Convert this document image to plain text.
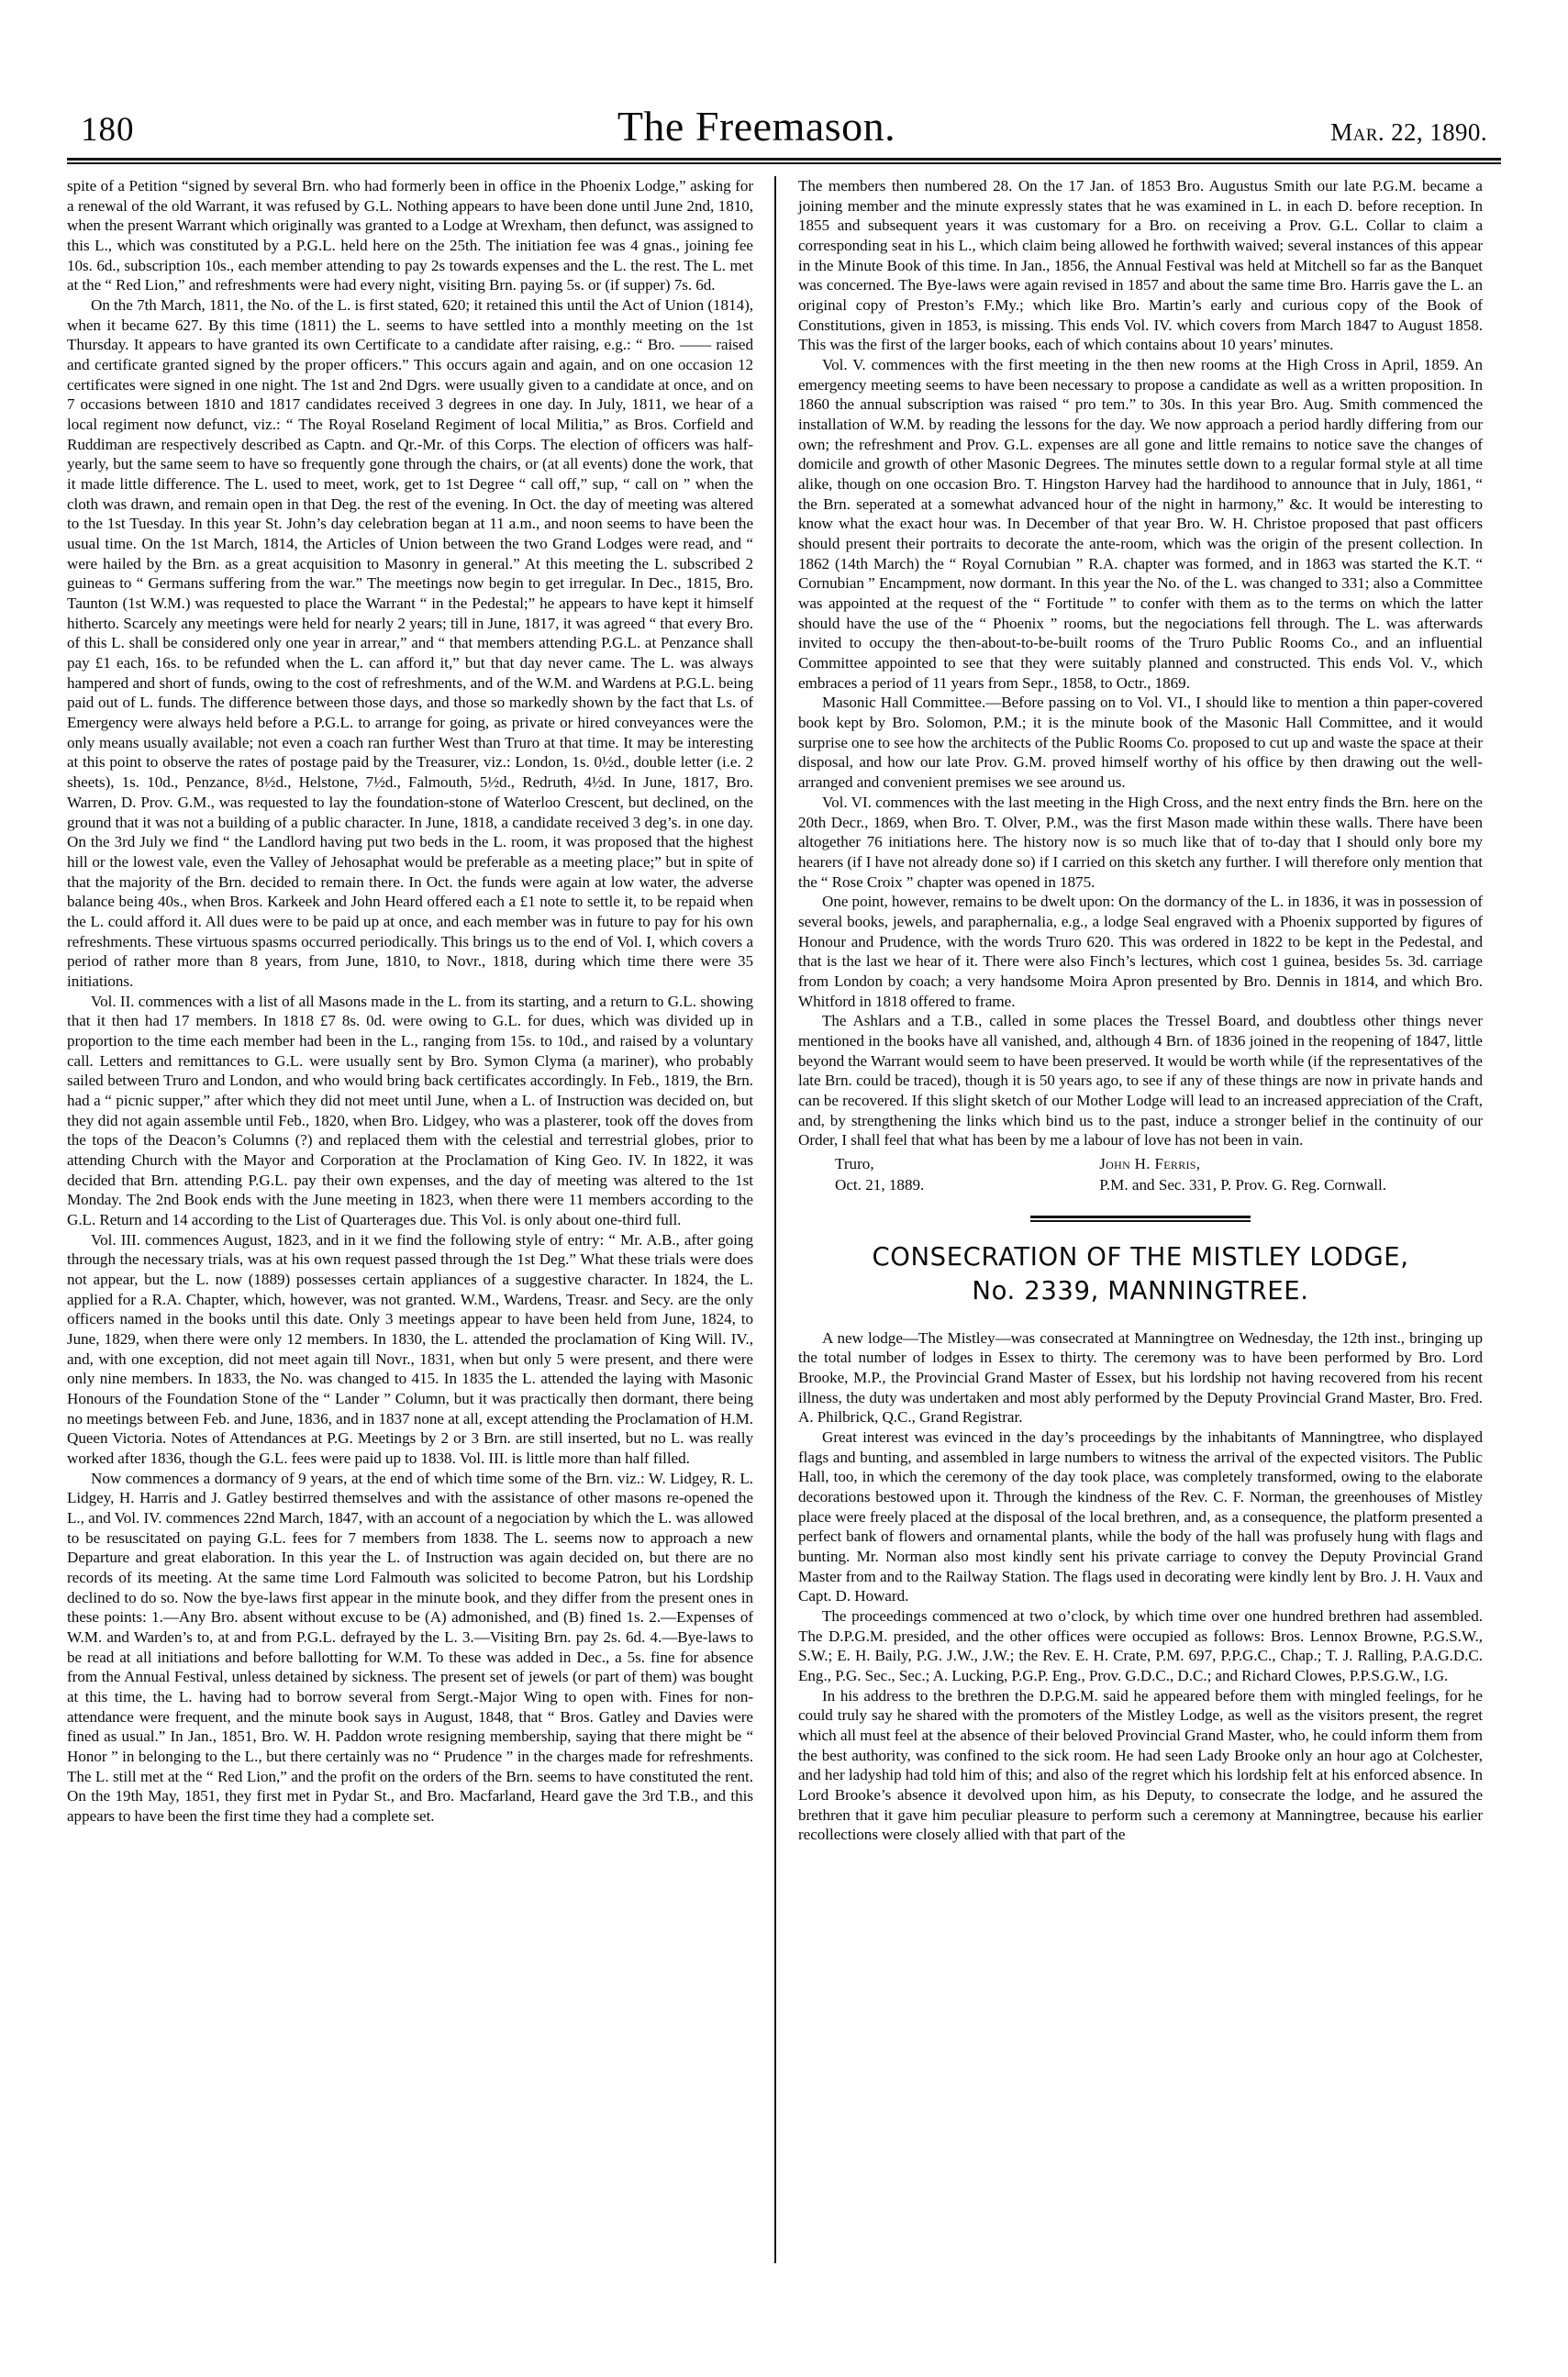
180	The Freemason.	Mar. 22, 1890.

spite of a Petition “signed by several Brn. who had formerly been in office in the Phoenix Lodge,” asking for a renewal of the old Warrant, it was refused by G.L. Nothing appears to have been done until June 2nd, 1810, when the present Warrant which originally was granted to a Lodge at Wrexham, then defunct, was assigned to this L., which was constituted by a P.G.L. held here on the 25th. The initiation fee was 4 gnas., joining fee 10s. 6d., subscription 10s., each member attending to pay 2s towards expenses and the L. the rest. The L. met at the “ Red Lion,” and refreshments were had every night, visiting Brn. paying 5s. or (if supper) 7s. 6d.

On the 7th March, 1811, the No. of the L. is first stated, 620; it retained this until the Act of Union (1814), when it became 627. By this time (1811) the L. seems to have settled into a monthly meeting on the 1st Thursday. It appears to have granted its own Certificate to a candidate after raising, e.g.: “ Bro. —— raised and certificate granted signed by the proper officers.” This occurs again and again, and on one occasion 12 certificates were signed in one night. The 1st and 2nd Dgrs. were usually given to a candidate at once, and on 7 occasions between 1810 and 1817 candidates received 3 degrees in one day. In July, 1811, we hear of a local regiment now defunct, viz.: “ The Royal Roseland Regiment of local Militia,” as Bros. Corfield and Ruddiman are respectively described as Captn. and Qr.-Mr. of this Corps. The election of officers was half-yearly, but the same seem to have so frequently gone through the chairs, or (at all events) done the work, that it made little difference. The L. used to meet, work, get to 1st Degree “ call off,” sup, “ call on ” when the cloth was drawn, and remain open in that Deg. the rest of the evening. In Oct. the day of meeting was altered to the 1st Tuesday. In this year St. John’s day celebration began at 11 a.m., and noon seems to have been the usual time. On the 1st March, 1814, the Articles of Union between the two Grand Lodges were read, and “ were hailed by the Brn. as a great acquisition to Masonry in general.” At this meeting the L. subscribed 2 guineas to “ Germans suffering from the war.” The meetings now begin to get irregular. In Dec., 1815, Bro. Taunton (1st W.M.) was requested to place the Warrant “ in the Pedestal;” he appears to have kept it himself hitherto. Scarcely any meetings were held for nearly 2 years; till in June, 1817, it was agreed “ that every Bro. of this L. shall be considered only one year in arrear,” and “ that members attending P.G.L. at Penzance shall pay £1 each, 16s. to be refunded when the L. can afford it,” but that day never came. The L. was always hampered and short of funds, owing to the cost of refreshments, and of the W.M. and Wardens at P.G.L. being paid out of L. funds. The difference between those days, and those so markedly shown by the fact that Ls. of Emergency were always held before a P.G.L. to arrange for going, as private or hired conveyances were the only means usually available; not even a coach ran further West than Truro at that time. It may be interesting at this point to observe the rates of postage paid by the Treasurer, viz.: London, 1s. 0½d., double letter (i.e. 2 sheets), 1s. 10d., Penzance, 8½d., Helstone, 7½d., Falmouth, 5½d., Redruth, 4½d. In June, 1817, Bro. Warren, D. Prov. G.M., was requested to lay the foundation-stone of Waterloo Crescent, but declined, on the ground that it was not a building of a public character. In June, 1818, a candidate received 3 deg’s. in one day. On the 3rd July we find “ the Landlord having put two beds in the L. room, it was proposed that the highest hill or the lowest vale, even the Valley of Jehosaphat would be preferable as a meeting place;” but in spite of that the majority of the Brn. decided to remain there. In Oct. the funds were again at low water, the adverse balance being 40s., when Bros. Karkeek and John Heard offered each a £1 note to settle it, to be repaid when the L. could afford it. All dues were to be paid up at once, and each member was in future to pay for his own refreshments. These virtuous spasms occurred periodically. This brings us to the end of Vol. I, which covers a period of rather more than 8 years, from June, 1810, to Novr., 1818, during which time there were 35 initiations.

Vol. II. commences with a list of all Masons made in the L. from its starting, and a return to G.L. showing that it then had 17 members. In 1818 £7 8s. 0d. were owing to G.L. for dues, which was divided up in proportion to the time each member had been in the L., ranging from 15s. to 10d., and raised by a voluntary call. Letters and remittances to G.L. were usually sent by Bro. Symon Clyma (a mariner), who probably sailed between Truro and London, and who would bring back certificates accordingly. In Feb., 1819, the Brn. had a “ picnic supper,” after which they did not meet until June, when a L. of Instruction was decided on, but they did not again assemble until Feb., 1820, when Bro. Lidgey, who was a plasterer, took off the doves from the tops of the Deacon’s Columns (?) and replaced them with the celestial and terrestrial globes, prior to attending Church with the Mayor and Corporation at the Proclamation of King Geo. IV. In 1822, it was decided that Brn. attending P.G.L. pay their own expenses, and the day of meeting was altered to the 1st Monday. The 2nd Book ends with the June meeting in 1823, when there were 11 members according to the G.L. Return and 14 according to the List of Quarterages due. This Vol. is only about one-third full.

Vol. III. commences August, 1823, and in it we find the following style of entry: “ Mr. A.B., after going through the necessary trials, was at his own request passed through the 1st Deg.” What these trials were does not appear, but the L. now (1889) possesses certain appliances of a suggestive character. In 1824, the L. applied for a R.A. Chapter, which, however, was not granted. W.M., Wardens, Treasr. and Secy. are the only officers named in the books until this date. Only 3 meetings appear to have been held from June, 1824, to June, 1829, when there were only 12 members. In 1830, the L. attended the proclamation of King Will. IV., and, with one exception, did not meet again till Novr., 1831, when but only 5 were present, and there were only nine members. In 1833, the No. was changed to 415. In 1835 the L. attended the laying with Masonic Honours of the Foundation Stone of the “ Lander ” Column, but it was practically then dormant, there being no meetings between Feb. and June, 1836, and in 1837 none at all, except attending the Proclamation of H.M. Queen Victoria. Notes of Attendances at P.G. Meetings by 2 or 3 Brn. are still inserted, but no L. was really worked after 1836, though the G.L. fees were paid up to 1838. Vol. III. is little more than half filled.

Now commences a dormancy of 9 years, at the end of which time some of the Brn. viz.: W. Lidgey, R. L. Lidgey, H. Harris and J. Gatley bestirred themselves and with the assistance of other masons re-opened the L., and Vol. IV. commences 22nd March, 1847, with an account of a negociation by which the L. was allowed to be resuscitated on paying G.L. fees for 7 members from 1838. The L. seems now to approach a new Departure and great elaboration. In this year the L. of Instruction was again decided on, but there are no records of its meeting. At the same time Lord Falmouth was solicited to become Patron, but his Lordship declined to do so. Now the bye-laws first appear in the minute book, and they differ from the present ones in these points: 1.—Any Bro. absent without excuse to be (A) admonished, and (B) fined 1s. 2.—Expenses of W.M. and Warden’s to, at and from P.G.L. defrayed by the L. 3.—Visiting Brn. pay 2s. 6d. 4.—Bye-laws to be read at all initiations and before ballotting for W.M. To these was added in Dec., a 5s. fine for absence from the Annual Festival, unless detained by sickness. The present set of jewels (or part of them) was bought at this time, the L. having had to borrow several from Sergt.-Major Wing to open with. Fines for non-attendance were frequent, and the minute book says in August, 1848, that “ Bros. Gatley and Davies were fined as usual.” In Jan., 1851, Bro. W. H. Paddon wrote resigning membership, saying that there might be “ Honor ” in belonging to the L., but there certainly was no “ Prudence ” in the charges made for refreshments. The L. still met at the “ Red Lion,” and the profit on the orders of the Brn. seems to have constituted the rent. On the 19th May, 1851, they first met in Pydar St., and Bro. Macfarland, Heard gave the 3rd T.B., and this appears to have been the first time they had a complete set.

The members then numbered 28. On the 17 Jan. of 1853 Bro. Augustus Smith our late P.G.M. became a joining member and the minute expressly states that he was examined in L. in each D. before reception. In 1855 and subsequent years it was customary for a Bro. on receiving a Prov. G.L. Collar to claim a corresponding seat in his L., which claim being allowed he forthwith waived; several instances of this appear in the Minute Book of this time. In Jan., 1856, the Annual Festival was held at Mitchell so far as the Banquet was concerned. The Bye-laws were again revised in 1857 and about the same time Bro. Harris gave the L. an original copy of Preston’s F.My.; which like Bro. Martin’s early and curious copy of the Book of Constitutions, given in 1853, is missing. This ends Vol. IV. which covers from March 1847 to August 1858. This was the first of the larger books, each of which contains about 10 years’ minutes.

Vol. V. commences with the first meeting in the then new rooms at the High Cross in April, 1859. An emergency meeting seems to have been necessary to propose a candidate as well as a written proposition. In 1860 the annual subscription was raised “ pro tem.” to 30s. In this year Bro. Aug. Smith commenced the installation of W.M. by reading the lessons for the day. We now approach a period hardly differing from our own; the refreshment and Prov. G.L. expenses are all gone and little remains to notice save the changes of domicile and growth of other Masonic Degrees. The minutes settle down to a regular formal style at all time alike, though on one occasion Bro. T. Hingston Harvey had the hardihood to announce that in July, 1861, “ the Brn. seperated at a somewhat advanced hour of the night in harmony,” &c. It would be interesting to know what the exact hour was. In December of that year Bro. W. H. Christoe proposed that past officers should present their portraits to decorate the ante-room, which was the origin of the present collection. In 1862 (14th March) the “ Royal Cornubian ” R.A. chapter was formed, and in 1863 was started the K.T. “ Cornubian ” Encampment, now dormant. In this year the No. of the L. was changed to 331; also a Committee was appointed at the request of the “ Fortitude ” to confer with them as to the terms on which the latter should have the use of the “ Phoenix ” rooms, but the negociations fell through. The L. was afterwards invited to occupy the then-about-to-be-built rooms of the Truro Public Rooms Co., and an influential Committee appointed to see that they were suitably planned and constructed. This ends Vol. V., which embraces a period of 11 years from Sepr., 1858, to Octr., 1869.

Masonic Hall Committee.—Before passing on to Vol. VI., I should like to mention a thin paper-covered book kept by Bro. Solomon, P.M.; it is the minute book of the Masonic Hall Committee, and it would surprise one to see how the architects of the Public Rooms Co. proposed to cut up and waste the space at their disposal, and how our late Prov. G.M. proved himself worthy of his office by then drawing out the well-arranged and convenient premises we see around us.

Vol. VI. commences with the last meeting in the High Cross, and the next entry finds the Brn. here on the 20th Decr., 1869, when Bro. T. Olver, P.M., was the first Mason made within these walls. There have been altogether 76 initiations here. The history now is so much like that of to-day that I should only bore my hearers (if I have not already done so) if I carried on this sketch any further. I will therefore only mention that the “ Rose Croix ” chapter was opened in 1875.

One point, however, remains to be dwelt upon: On the dormancy of the L. in 1836, it was in possession of several books, jewels, and paraphernalia, e.g., a lodge Seal engraved with a Phoenix supported by figures of Honour and Prudence, with the words Truro 620. This was ordered in 1822 to be kept in the Pedestal, and that is the last we hear of it. There were also Finch’s lectures, which cost 1 guinea, besides 5s. 3d. carriage from London by coach; a very handsome Moira Apron presented by Bro. Dennis in 1814, and which Bro. Whitford in 1818 offered to frame.

The Ashlars and a T.B., called in some places the Tressel Board, and doubtless other things never mentioned in the books have all vanished, and, although 4 Brn. of 1836 joined in the reopening of 1847, little beyond the Warrant would seem to have been preserved. It would be worth while (if the representatives of the late Brn. could be traced), though it is 50 years ago, to see if any of these things are now in private hands and can be recovered. If this slight sketch of our Mother Lodge will lead to an increased appreciation of the Craft, and, by strengthening the links which bind us to the past, induce a stronger belief in the continuity of our Order, I shall feel that what has been by me a labour of love has not been in vain.

Truro,
Oct. 21, 1889.
John H. Ferris,
P.M. and Sec. 331, P. Prov. G. Reg. Cornwall.
CONSECRATION OF THE MISTLEY LODGE,
No. 2339, MANNINGTREE.

A new lodge—The Mistley—was consecrated at Manningtree on Wednesday, the 12th inst., bringing up the total number of lodges in Essex to thirty. The ceremony was to have been performed by Bro. Lord Brooke, M.P., the Provincial Grand Master of Essex, but his lordship not having recovered from his recent illness, the duty was undertaken and most ably performed by the Deputy Provincial Grand Master, Bro. Fred. A. Philbrick, Q.C., Grand Registrar.

Great interest was evinced in the day’s proceedings by the inhabitants of Manningtree, who displayed flags and bunting, and assembled in large numbers to witness the arrival of the expected visitors. The Public Hall, too, in which the ceremony of the day took place, was completely transformed, owing to the elaborate decorations bestowed upon it. Through the kindness of the Rev. C. F. Norman, the greenhouses of Mistley place were freely placed at the disposal of the local brethren, and, as a consequence, the platform presented a perfect bank of flowers and ornamental plants, while the body of the hall was profusely hung with flags and bunting. Mr. Norman also most kindly sent his private carriage to convey the Deputy Provincial Grand Master from and to the Railway Station. The flags used in decorating were kindly lent by Bro. J. H. Vaux and Capt. D. Howard.

The proceedings commenced at two o’clock, by which time over one hundred brethren had assembled. The D.P.G.M. presided, and the other offices were occupied as follows: Bros. Lennox Browne, P.G.S.W., S.W.; E. H. Baily, P.G. J.W., J.W.; the Rev. E. H. Crate, P.M. 697, P.P.G.C., Chap.; T. J. Ralling, P.A.G.D.C. Eng., P.G. Sec., Sec.; A. Lucking, P.G.P. Eng., Prov. G.D.C., D.C.; and Richard Clowes, P.P.S.G.W., I.G.

In his address to the brethren the D.P.G.M. said he appeared before them with mingled feelings, for he could truly say he shared with the promoters of the Mistley Lodge, as well as the visitors present, the regret which all must feel at the absence of their beloved Provincial Grand Master, who, he could inform them from the best authority, was confined to the sick room. He had seen Lady Brooke only an hour ago at Colchester, and her ladyship had told him of this; and also of the regret which his lordship felt at his enforced absence. In Lord Brooke’s absence it devolved upon him, as his Deputy, to consecrate the lodge, and he assured the brethren that it gave him peculiar pleasure to perform such a ceremony at Manningtree, because his earlier recollections were closely allied with that part of the
